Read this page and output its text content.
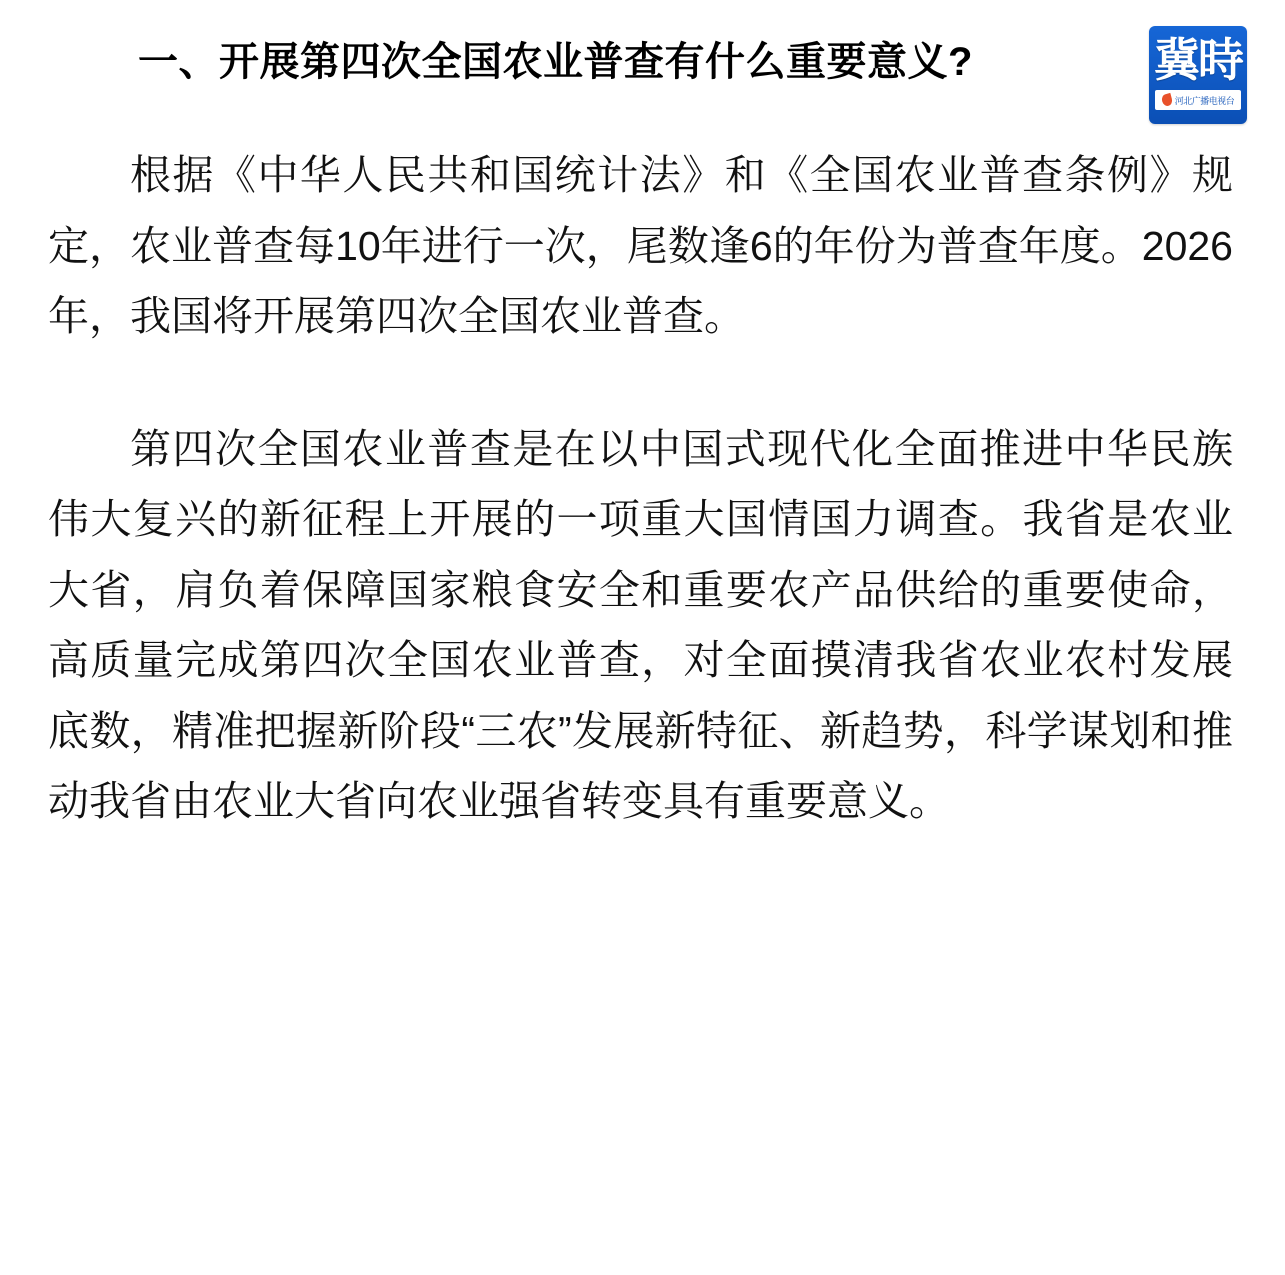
冀時
河北广播电视台
一、开展第四次全国农业普查有什么重要意义?

根据《中华人民共和国统计法》和《全国农业普查条例》规定，农业普查每10年进行一次，尾数逢6的年份为普查年度。2026年，我国将开展第四次全国农业普查。

第四次全国农业普查是在以中国式现代化全面推进中华民族伟大复兴的新征程上开展的一项重大国情国力调查。我省是农业大省，肩负着保障国家粮食安全和重要农产品供给的重要使命，高质量完成第四次全国农业普查，对全面摸清我省农业农村发展底数，精准把握新阶段“三农”发展新特征、新趋势，科学谋划和推动我省由农业大省向农业强省转变具有重要意义。
